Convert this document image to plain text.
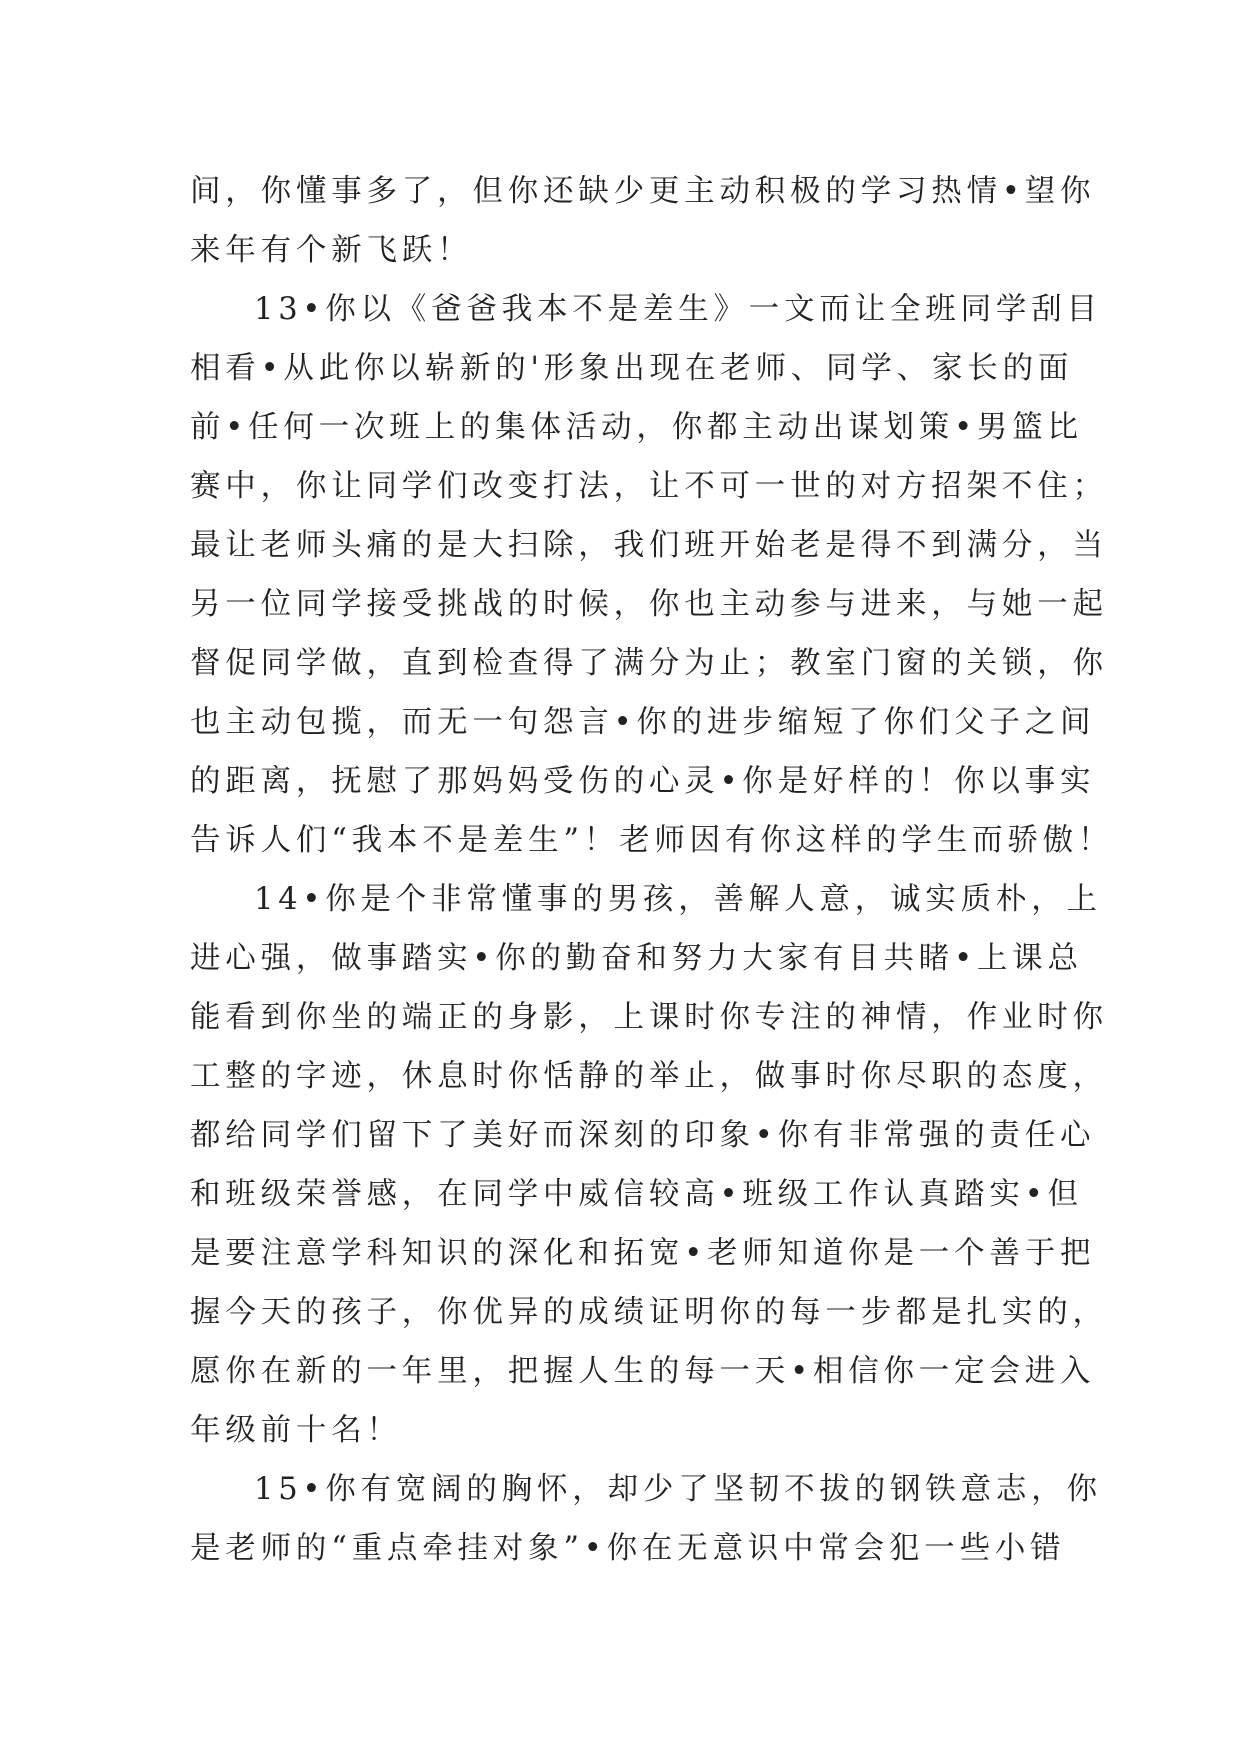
间，你懂事多了，但你还缺少更主动积极的学习热情•望你
来年有个新飞跃！
13•你以《爸爸我本不是差生》一文而让全班同学刮目
相看•从此你以崭新的'形象出现在老师、同学、家长的面
前•任何一次班上的集体活动，你都主动出谋划策•男篮比
赛中，你让同学们改变打法，让不可一世的对方招架不住；
最让老师头痛的是大扫除，我们班开始老是得不到满分，当
另一位同学接受挑战的时候，你也主动参与进来，与她一起
督促同学做，直到检查得了满分为止；教室门窗的关锁，你
也主动包揽，而无一句怨言•你的进步缩短了你们父子之间
的距离，抚慰了那妈妈受伤的心灵•你是好样的！你以事实
告诉人们“我本不是差生”！老师因有你这样的学生而骄傲！
14•你是个非常懂事的男孩，善解人意，诚实质朴，上
进心强，做事踏实•你的勤奋和努力大家有目共睹•上课总
能看到你坐的端正的身影，上课时你专注的神情，作业时你
工整的字迹，休息时你恬静的举止，做事时你尽职的态度，
都给同学们留下了美好而深刻的印象•你有非常强的责任心
和班级荣誉感，在同学中威信较高•班级工作认真踏实•但
是要注意学科知识的深化和拓宽•老师知道你是一个善于把
握今天的孩子，你优异的成绩证明你的每一步都是扎实的，
愿你在新的一年里，把握人生的每一天•相信你一定会进入
年级前十名！
15•你有宽阔的胸怀，却少了坚韧不拔的钢铁意志，你
是老师的“重点牵挂对象”•你在无意识中常会犯一些小错
